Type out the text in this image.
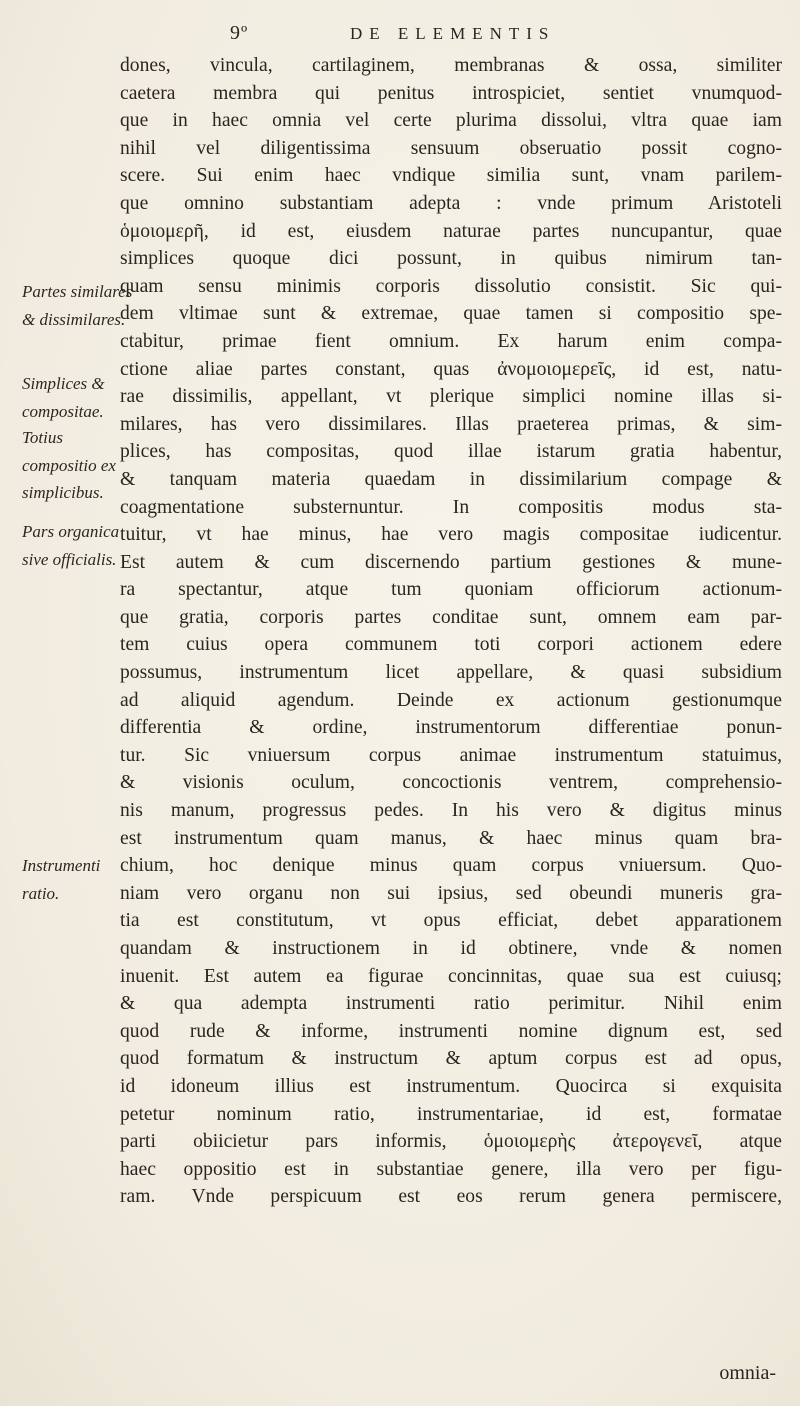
9º	DE ELEMENTIS
Partes similares & dissimilares.
Simplices & compositae.
Totius compositio ex simplicibus.
Pars organica sive officialis.
Instrumenti ratio.
dones, vincula, cartilaginem, membranas & ossa, similiter
caetera membra qui penitus introspiciet, sentiet vnumquod-
que in haec omnia vel certe plurima dissolui, vltra quae iam
nihil vel diligentissima sensuum obseruatio possit cogno-
scere. Sui enim haec vndique similia sunt, vnam parilem-
que omnino substantiam adepta : vnde primum Aristoteli
ὁμοιομερῆ, id est, eiusdem naturae partes nuncupantur, quae
simplices quoque dici possunt, in quibus nimirum tan-
quam sensu minimis corporis dissolutio consistit. Sic qui-
dem vltimae sunt & extremae, quae tamen si compositio spe-
ctabitur, primae fient omnium. Ex harum enim compa-
ctione aliae partes constant, quas ἀνομοιομερεῖς, id est, natu-
rae dissimilis, appellant, vt plerique simplici nomine illas si-
milares, has vero dissimilares. Illas praeterea primas, & sim-
plices, has compositas, quod illae istarum gratia habentur,
& tanquam materia quaedam in dissimilarium compage &
coagmentatione substernuntur. In compositis modus sta-
tuitur, vt hae minus, hae vero magis compositae iudicentur.
Est autem & cum discernendo partium gestiones & mune-
ra spectantur, atque tum quoniam officiorum actionum-
que gratia, corporis partes conditae sunt, omnem eam par-
tem cuius opera communem toti corpori actionem edere
possumus, instrumentum licet appellare, & quasi subsidium
ad aliquid agendum. Deinde ex actionum gestionumque
differentia & ordine, instrumentorum differentiae ponun-
tur. Sic vniuersum corpus animae instrumentum statuimus,
& visionis oculum, concoctionis ventrem, comprehensio-
nis manum, progressus pedes. In his vero & digitus minus
est instrumentum quam manus, & haec minus quam bra-
chium, hoc denique minus quam corpus vniuersum. Quo-
niam vero organu non sui ipsius, sed obeundi muneris gra-
tia est constitutum, vt opus efficiat, debet apparationem
quandam & instructionem in id obtinere, vnde & nomen
inuenit. Est autem ea figurae concinnitas, quae sua est cuiusq;
& qua adempta instrumenti ratio perimitur. Nihil enim
quod rude & informe, instrumenti nomine dignum est, sed
quod formatum & instructum & aptum corpus est ad opus,
id idoneum illius est instrumentum. Quocirca si exquisita
petetur nominum ratio, instrumentariae, id est, formatae
parti obiicietur pars informis, ὁμοιομερὴς ἀτερογενεῖ, atque
haec oppositio est in substantiae genere, illa vero per figu-
ram. Vnde perspicuum est eos rerum genera permiscere,
omnia-
